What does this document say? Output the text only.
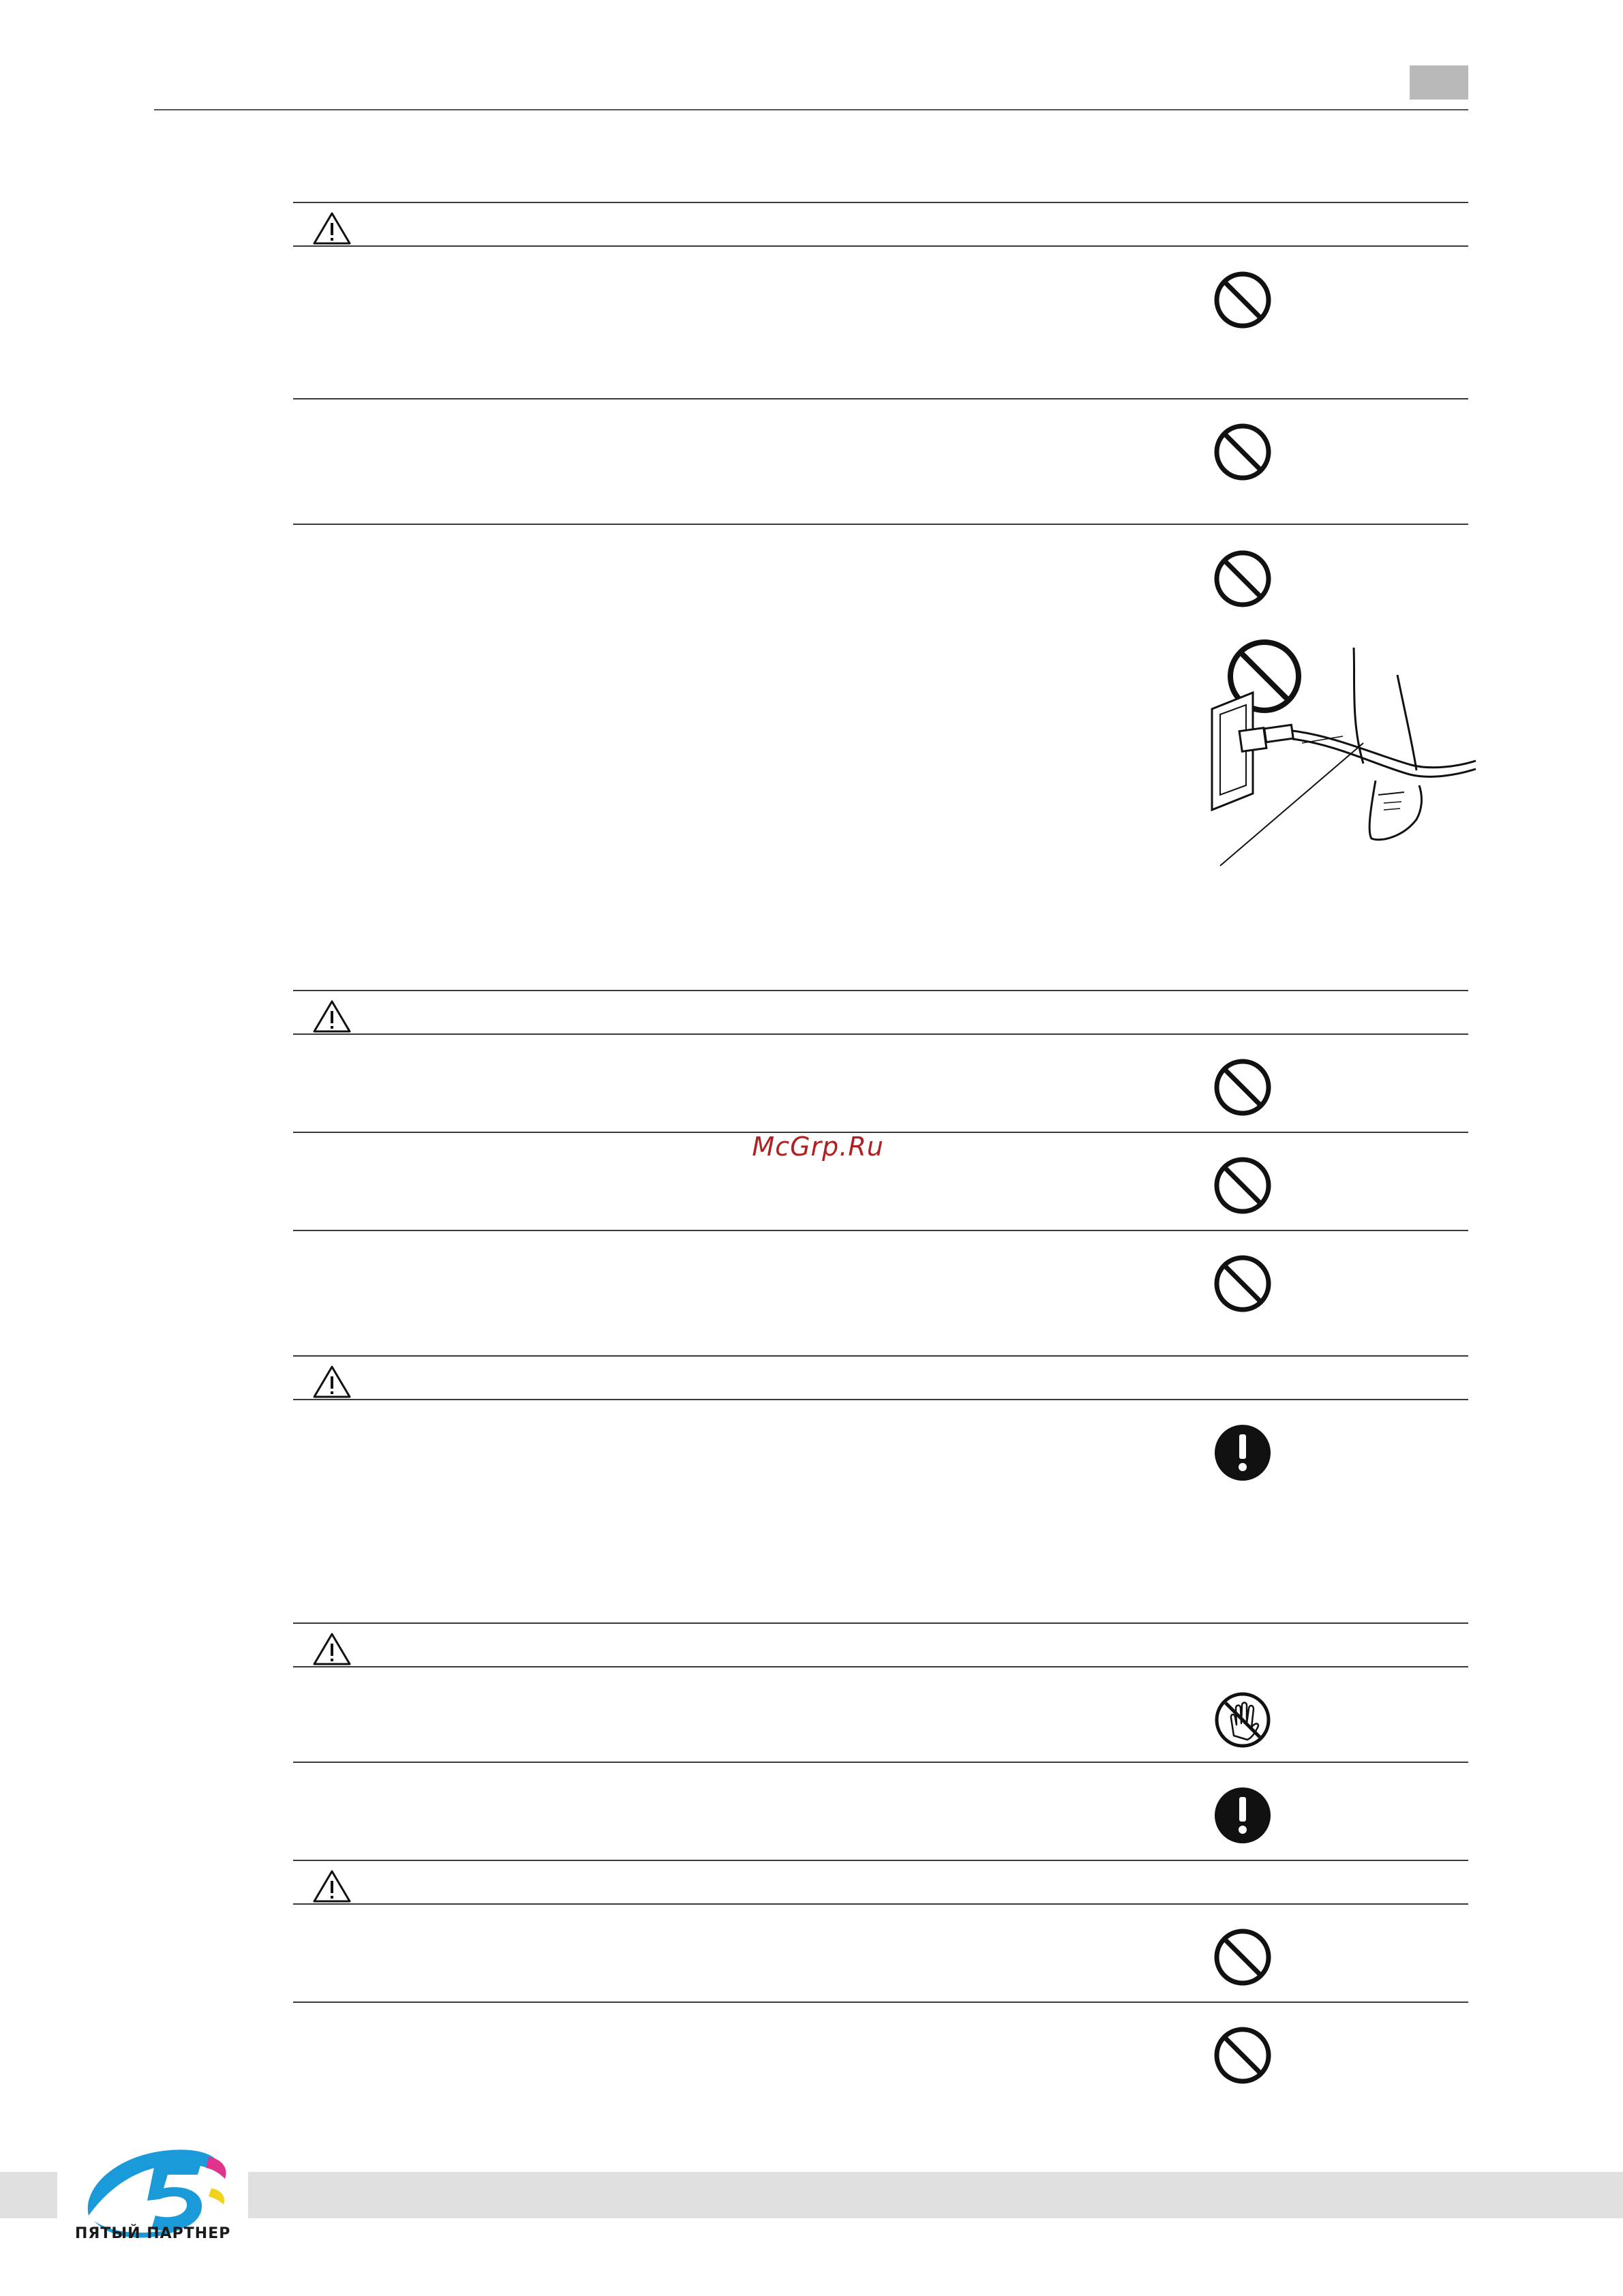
McGrp.Ru
ПЯТЫЙ ПАРТНЕР
